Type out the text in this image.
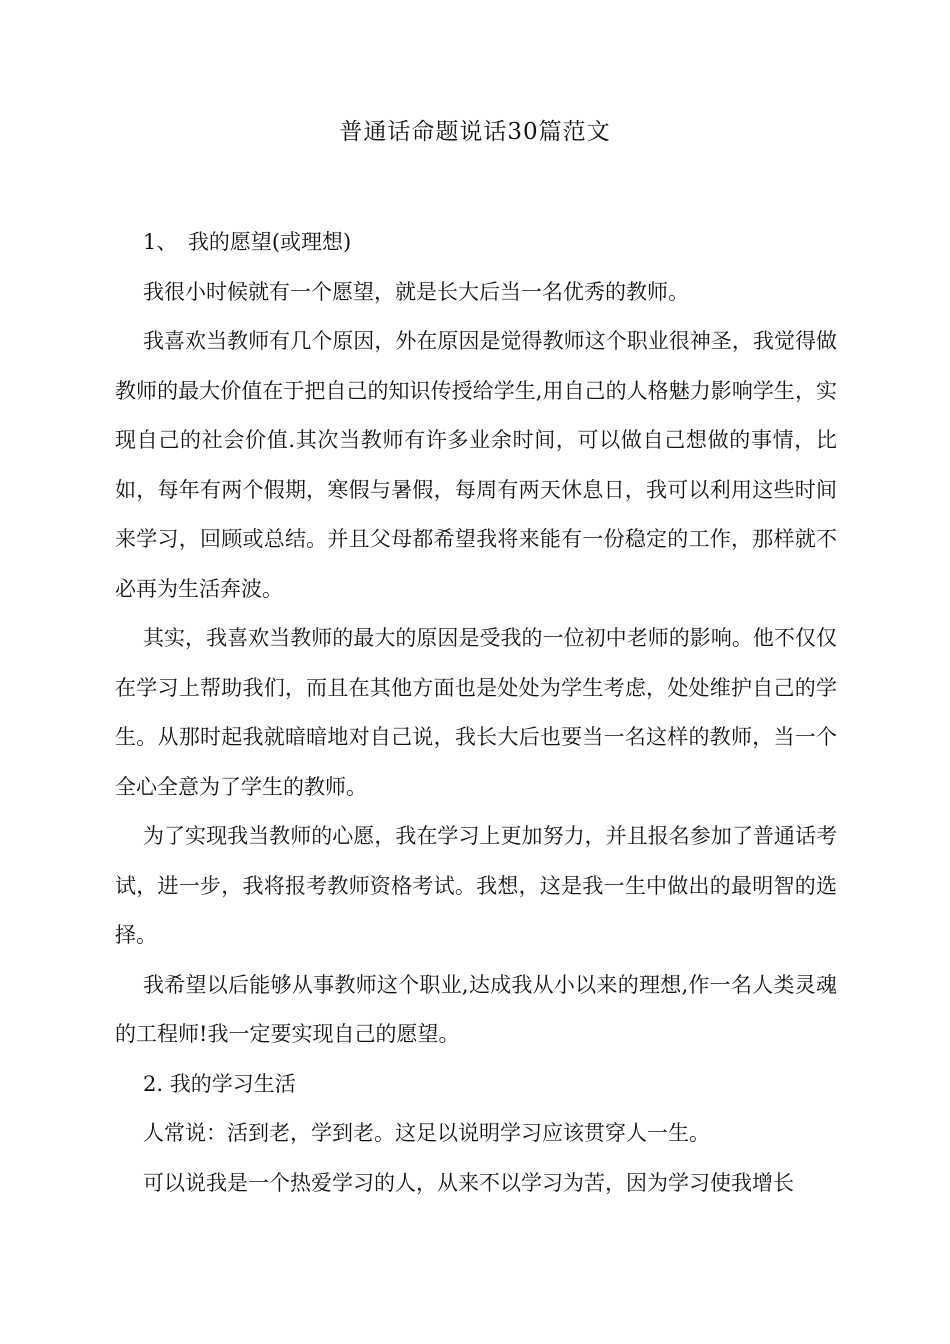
普通话命题说话30篇范文

1、　我的愿望(或理想)

我很小时候就有一个愿望，就是长大后当一名优秀的教师。

我喜欢当教师有几个原因，外在原因是觉得教师这个职业很神圣，我觉得做教师的最大价值在于把自己的知识传授给学生,用自己的人格魅力影响学生，实现自己的社会价值.其次当教师有许多业余时间，可以做自己想做的事情，比如，每年有两个假期，寒假与暑假，每周有两天休息日，我可以利用这些时间来学习，回顾或总结。并且父母都希望我将来能有一份稳定的工作，那样就不必再为生活奔波。

其实，我喜欢当教师的最大的原因是受我的一位初中老师的影响。他不仅仅在学习上帮助我们，而且在其他方面也是处处为学生考虑，处处维护自己的学生。从那时起我就暗暗地对自己说，我长大后也要当一名这样的教师，当一个全心全意为了学生的教师。

为了实现我当教师的心愿，我在学习上更加努力，并且报名参加了普通话考试，进一步，我将报考教师资格考试。我想，这是我一生中做出的最明智的选择。

我希望以后能够从事教师这个职业,达成我从小以来的理想,作一名人类灵魂的工程师!我一定要实现自己的愿望。

2. 我的学习生活

人常说：活到老，学到老。这足以说明学习应该贯穿人一生。

可以说我是一个热爱学习的人，从来不以学习为苦，因为学习使我增长
